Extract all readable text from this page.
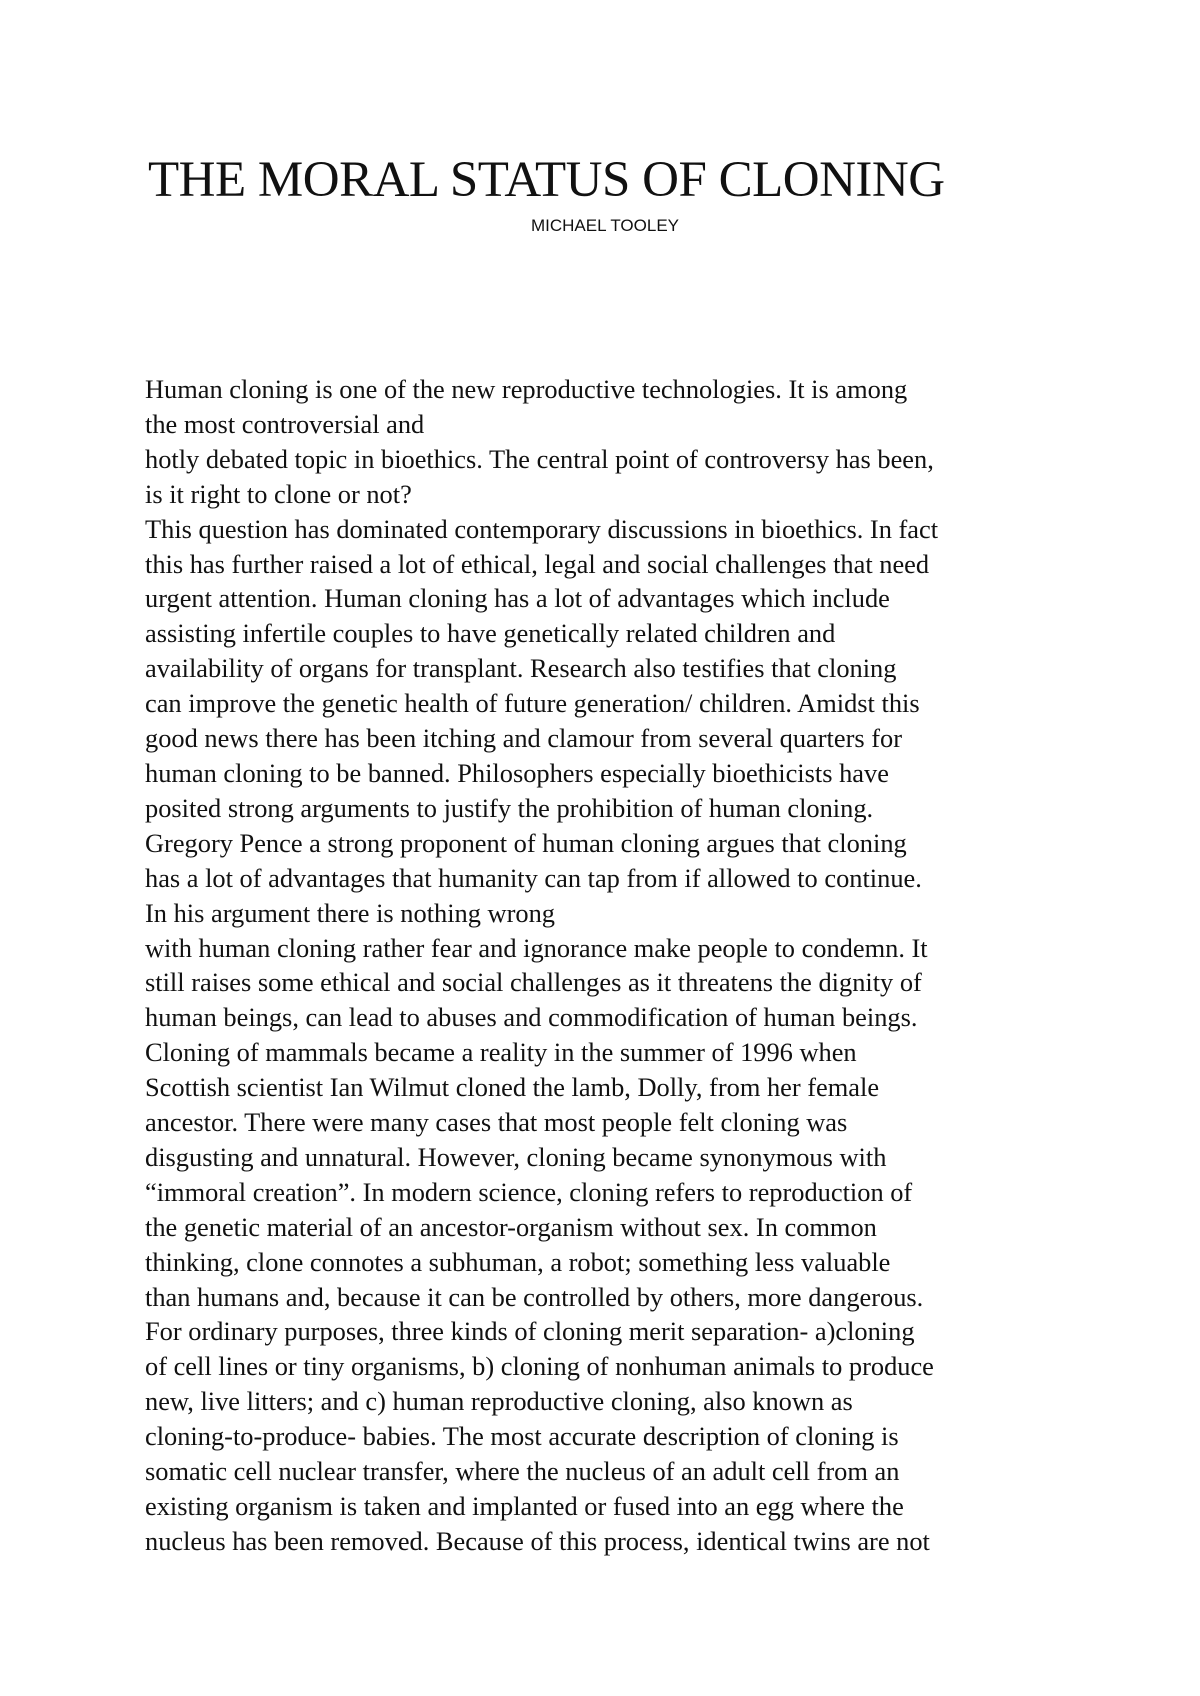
THE MORAL STATUS OF CLONING
MICHAEL TOOLEY
Human cloning is one of the new reproductive technologies. It is among
the most controversial and
hotly debated topic in bioethics. The central point of controversy has been,
is it right to clone or not?
This question has dominated contemporary discussions in bioethics. In fact
this has further raised a lot of ethical, legal and social challenges that need
urgent attention. Human cloning has a lot of advantages which include
assisting infertile couples to have genetically related children and
availability of organs for transplant. Research also testifies that cloning
can improve the genetic health of future generation/ children. Amidst this
good news there has been itching and clamour from several quarters for
human cloning to be banned. Philosophers especially bioethicists have
posited strong arguments to justify the prohibition of human cloning.
Gregory Pence a strong proponent of human cloning argues that cloning
has a lot of advantages that humanity can tap from if allowed to continue.
In his argument there is nothing wrong
with human cloning rather fear and ignorance make people to condemn. It
still raises some ethical and social challenges as it threatens the dignity of
human beings, can lead to abuses and commodification of human beings.
Cloning of mammals became a reality in the summer of 1996 when
Scottish scientist Ian Wilmut cloned the lamb, Dolly, from her female
ancestor. There were many cases that most people felt cloning was
disgusting and unnatural. However, cloning became synonymous with
“immoral creation”. In modern science, cloning refers to reproduction of
the genetic material of an ancestor-organism without sex. In common
thinking, clone connotes a subhuman, a robot; something less valuable
than humans and, because it can be controlled by others, more dangerous.
For ordinary purposes, three kinds of cloning merit separation- a)cloning
of cell lines or tiny organisms, b) cloning of nonhuman animals to produce
new, live litters; and c) human reproductive cloning, also known as
cloning-to-produce- babies. The most accurate description of cloning is
somatic cell nuclear transfer, where the nucleus of an adult cell from an
existing organism is taken and implanted or fused into an egg where the
nucleus has been removed. Because of this process, identical twins are not
